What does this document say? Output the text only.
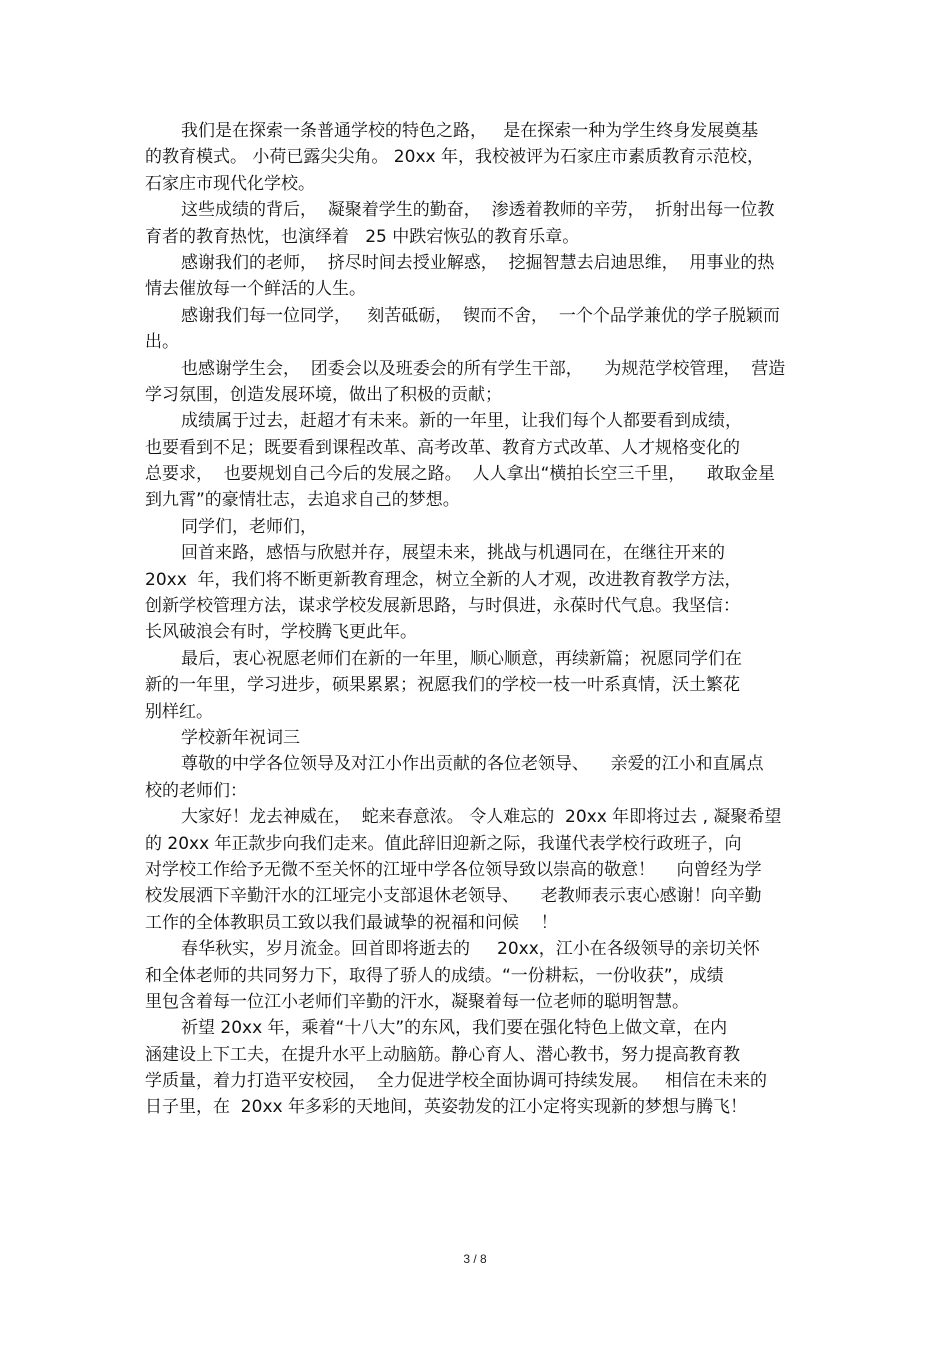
我们是在探索一条普通学校的特色之路，   是在探索一种为学生终身发展奠基
的教育模式。 小荷已露尖尖角。 20xx 年，我校被评为石家庄市素质教育示范校，
石家庄市现代化学校。
这些成绩的背后，  凝聚着学生的勤奋，  渗透着教师的辛劳，  折射出每一位教
育者的教育热忱，也演绎着   25 中跌宕恢弘的教育乐章。
感谢我们的老师，  挤尽时间去授业解惑，  挖掘智慧去启迪思维，  用事业的热
情去催放每一个鲜活的人生。
感谢我们每一位同学，   刻苦砥砺，  锲而不舍，  一个个品学兼优的学子脱颖而
出。
也感谢学生会，  团委会以及班委会的所有学生干部，    为规范学校管理，  营造
学习氛围，创造发展环境，做出了积极的贡献；
成绩属于过去，赶超才有未来。新的一年里，让我们每个人都要看到成绩，
也要看到不足；既要看到课程改革、高考改革、教育方式改革、人才规格变化的
总要求，  也要规划自己今后的发展之路。  人人拿出“横拍长空三千里，    敢取金星
到九霄”的豪情壮志，去追求自己的梦想。
同学们，老师们，
回首来路，感悟与欣慰并存，展望未来，挑战与机遇同在，在继往开来的
20xx  年，我们将不断更新教育理念，树立全新的人才观，改进教育教学方法，
创新学校管理方法，谋求学校发展新思路，与时俱进，永葆时代气息。我坚信：
长风破浪会有时，学校腾飞更此年。
最后，衷心祝愿老师们在新的一年里，顺心顺意，再续新篇；祝愿同学们在
新的一年里，学习进步，硕果累累；祝愿我们的学校一枝一叶系真情，沃土繁花
别样红。
学校新年祝词三
尊敬的中学各位领导及对江小作出贡献的各位老领导、    亲爱的江小和直属点
校的老师们：
大家好！龙去神威在，  蛇来春意浓。 令人难忘的  20xx 年即将过去 , 凝聚希望
的 20xx 年正款步向我们走来。值此辞旧迎新之际，我谨代表学校行政班子，向
对学校工作给予无微不至关怀的江垭中学各位领导致以崇高的敬意！    向曾经为学
校发展洒下辛勤汗水的江垭完小支部退休老领导、    老教师表示衷心感谢！向辛勤
工作的全体教职员工致以我们最诚挚的祝福和问候    ！
春华秋实，岁月流金。回首即将逝去的     20xx，江小在各级领导的亲切关怀
和全体老师的共同努力下，取得了骄人的成绩。“一份耕耘，一份收获”，成绩
里包含着每一位江小老师们辛勤的汗水，凝聚着每一位老师的聪明智慧。
祈望 20xx 年，乘着“十八大”的东风，我们要在强化特色上做文章，在内
涵建设上下工夫，在提升水平上动脑筋。静心育人、潜心教书，努力提高教育教
学质量，着力打造平安校园，  全力促进学校全面协调可持续发展。   相信在未来的
日子里，在  20xx 年多彩的天地间，英姿勃发的江小定将实现新的梦想与腾飞！
3 / 8
